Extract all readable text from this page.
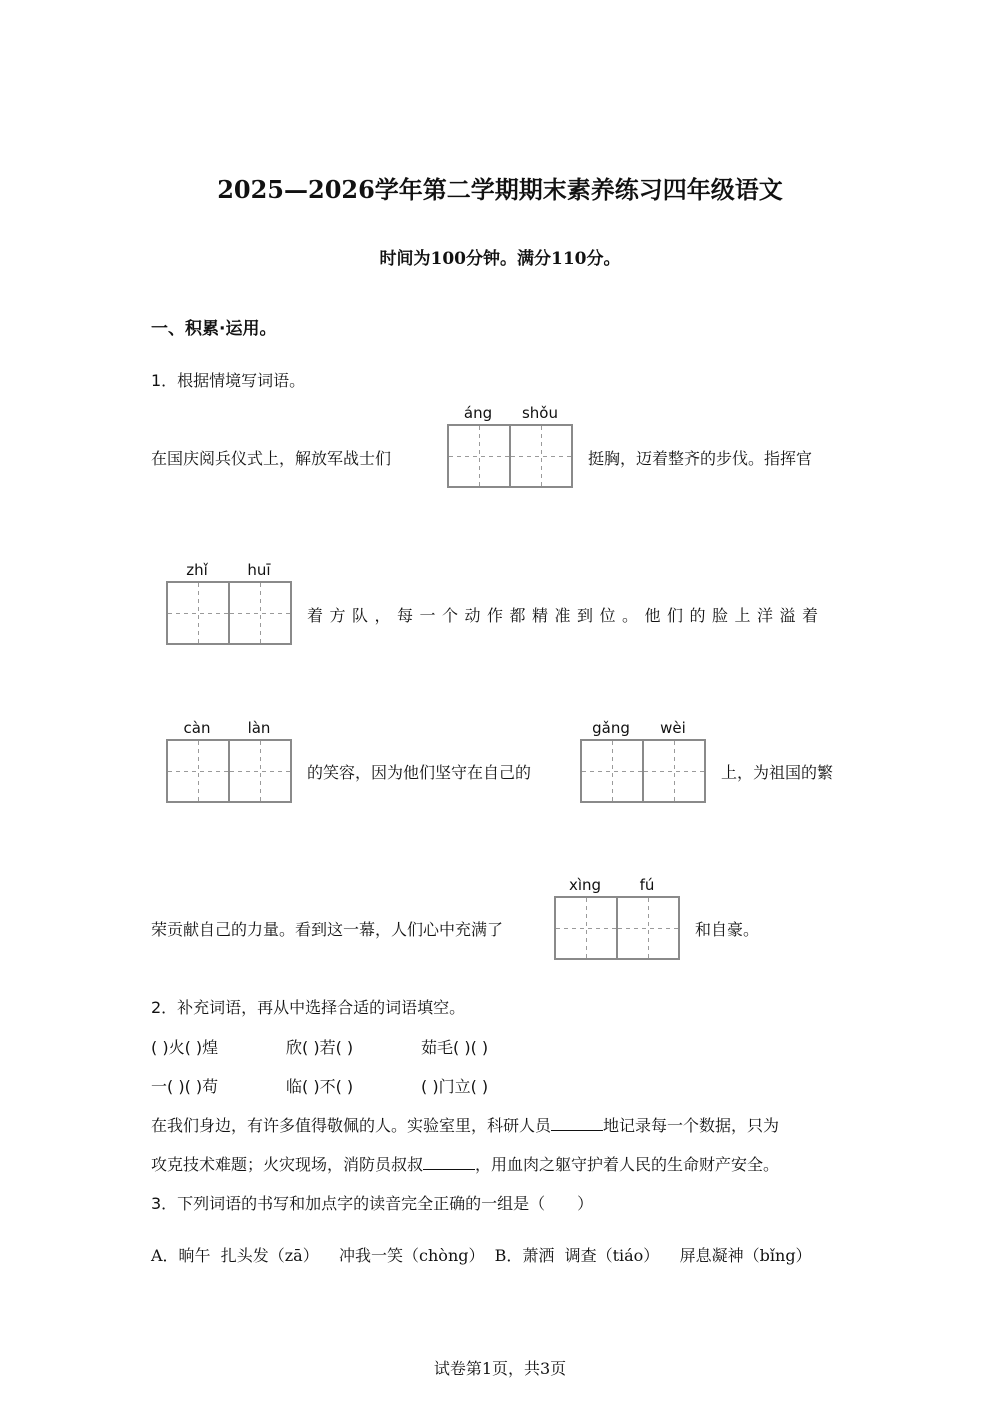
2025—2026学年第二学期期末素养练习四年级语文
时间为100分钟。满分110分。
一、积累·运用。
1．根据情境写词语。
在国庆阅兵仪式上，解放军战士们
áng	shǒu
挺胸，迈着整齐的步伐。指挥官
zhǐ	huī
着方队，每一个动作都精准到位。他们的脸上洋溢着
càn	làn
的笑容，因为他们坚守在自己的
gǎng	wèi
上，为祖国的繁
荣贡献自己的力量。看到这一幕，人们心中充满了
xìng	fú
和自豪。
2．补充词语，再从中选择合适的词语填空。
( )火( )煌	欣( )若( )	茹毛( )( )
一( )( )苟	临( )不( )	( )门立( )
在我们身边，有许多值得敬佩的人。实验室里，科研人员	地记录每一个数据，只为
攻克技术难题；火灾现场，消防员叔叔	，用血肉之躯守护着人民的生命财产安全。
3．下列词语的书写和加点字的读音完全正确的一组是（　　）
A．晌午  扎头发（zā）    冲我一笑（chòng）  B．萧洒  调查（tiáo）    屏息凝神（bǐng）
试卷第1页，共3页
